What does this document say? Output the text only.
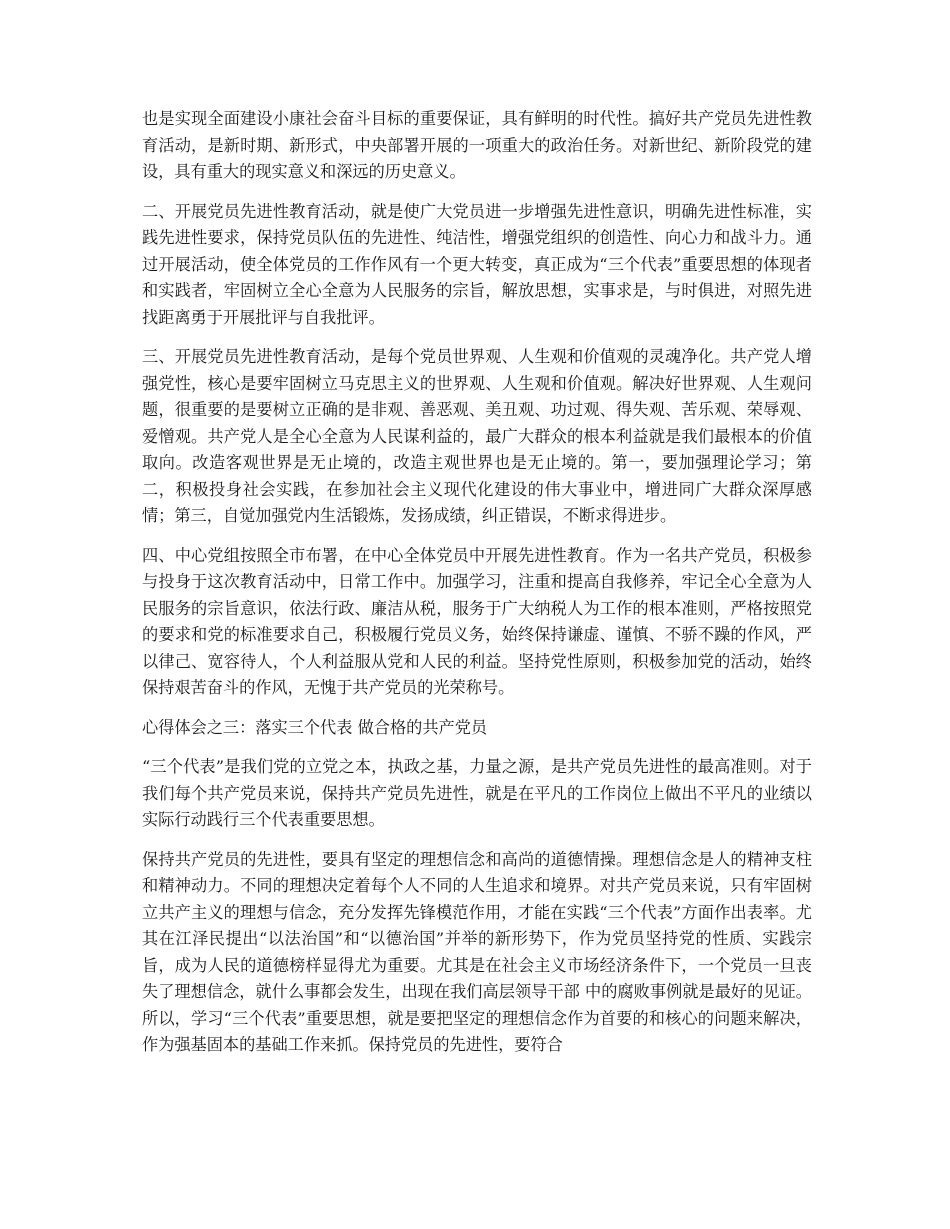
也是实现全面建设小康社会奋斗目标的重要保证，具有鲜明的时代性。搞好共产党员先进性教育活动，是新时期、新形式，中央部署开展的一项重大的政治任务。对新世纪、新阶段党的建设，具有重大的现实意义和深远的历史意义。

二、开展党员先进性教育活动，就是使广大党员进一步增强先进性意识，明确先进性标准，实践先进性要求，保持党员队伍的先进性、纯洁性，增强党组织的创造性、向心力和战斗力。通过开展活动，使全体党员的工作作风有一个更大转变，真正成为“三个代表”重要思想的体现者和实践者，牢固树立全心全意为人民服务的宗旨，解放思想，实事求是，与时俱进，对照先进找距离勇于开展批评与自我批评。

三、开展党员先进性教育活动，是每个党员世界观、人生观和价值观的灵魂净化。共产党人增强党性，核心是要牢固树立马克思主义的世界观、人生观和价值观。解决好世界观、人生观问题，很重要的是要树立正确的是非观、善恶观、美丑观、功过观、得失观、苦乐观、荣辱观、爱憎观。共产党人是全心全意为人民谋利益的，最广大群众的根本利益就是我们最根本的价值取向。改造客观世界是无止境的，改造主观世界也是无止境的。第一，要加强理论学习；第二，积极投身社会实践，在参加社会主义现代化建设的伟大事业中，增进同广大群众深厚感情；第三，自觉加强党内生活锻炼，发扬成绩，纠正错误，不断求得进步。

四、中心党组按照全市布署，在中心全体党员中开展先进性教育。作为一名共产党员，积极参与投身于这次教育活动中，日常工作中。加强学习，注重和提高自我修养，牢记全心全意为人民服务的宗旨意识，依法行政、廉洁从税，服务于广大纳税人为工作的根本准则，严格按照党的要求和党的标准要求自己，积极履行党员义务，始终保持谦虚、谨慎、不骄不躁的作风，严以律己、宽容待人，个人利益服从党和人民的利益。坚持党性原则，积极参加党的活动，始终保持艰苦奋斗的作风，无愧于共产党员的光荣称号。

心得体会之三：落实三个代表 做合格的共产党员

“三个代表”是我们党的立党之本，执政之基，力量之源，是共产党员先进性的最高准则。对于我们每个共产党员来说，保持共产党员先进性，就是在平凡的工作岗位上做出不平凡的业绩以实际行动践行三个代表重要思想。

保持共产党员的先进性，要具有坚定的理想信念和高尚的道德情操。理想信念是人的精神支柱和精神动力。不同的理想决定着每个人不同的人生追求和境界。对共产党员来说，只有牢固树立共产主义的理想与信念，充分发挥先锋模范作用，才能在实践“三个代表”方面作出表率。尤其在江泽民提出“以法治国”和“以德治国”并举的新形势下，作为党员坚持党的性质、实践宗旨，成为人民的道德榜样显得尤为重要。尤其是在社会主义市场经济条件下，一个党员一旦丧失了理想信念，就什么事都会发生，出现在我们高层领导干部 中的腐败事例就是最好的见证。所以，学习“三个代表”重要思想，就是要把坚定的理想信念作为首要的和核心的问题来解决，作为强基固本的基础工作来抓。保持党员的先进性，要符合
